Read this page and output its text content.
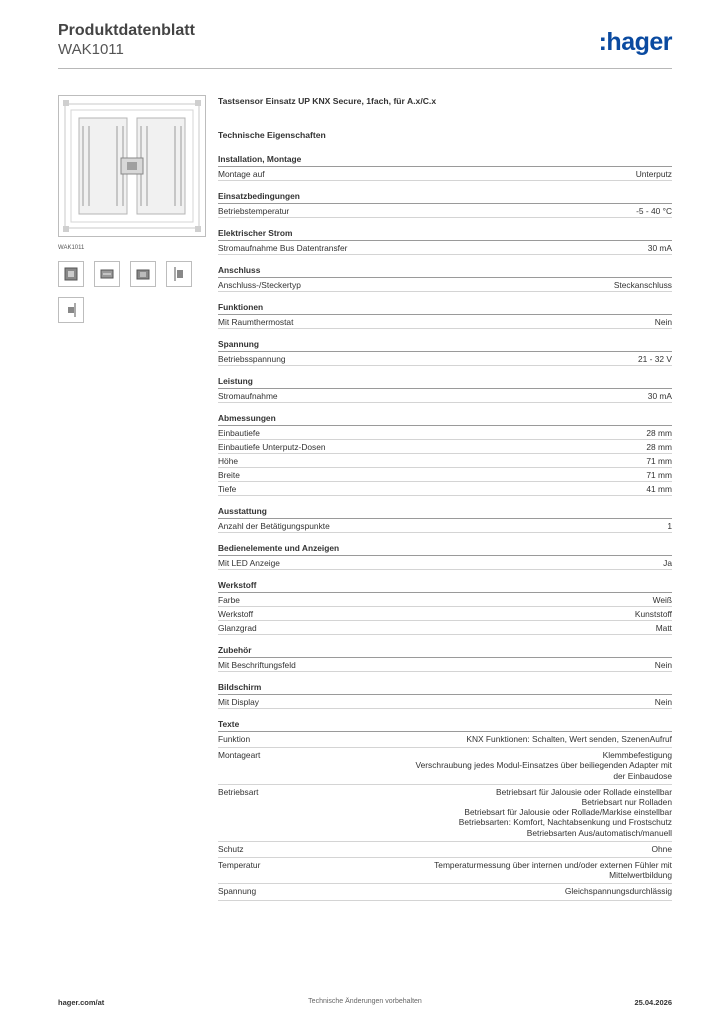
Produktdatenblatt
WAK1011	:hager
WAK1011

Tastsensor Einsatz UP KNX Secure, 1fach, für A.x/C.x
Technische Eigenschaften
Installation, Montage
Montage auf	Unterputz
Einsatzbedingungen
Betriebstemperatur	-5 - 40 °C
Elektrischer Strom
Stromaufnahme Bus Datentransfer	30 mA
Anschluss
Anschluss-/Steckertyp	Steckanschluss
Funktionen
Mit Raumthermostat	Nein
Spannung
Betriebsspannung	21 - 32 V
Leistung
Stromaufnahme	30 mA
Abmessungen
Einbautiefe	28 mm
Einbautiefe Unterputz-Dosen	28 mm
Höhe	71 mm
Breite	71 mm
Tiefe	41 mm
Ausstattung
Anzahl der Betätigungspunkte	1
Bedienelemente und Anzeigen
Mit LED Anzeige	Ja
Werkstoff
Farbe	Weiß
Werkstoff	Kunststoff
Glanzgrad	Matt
Zubehör
Mit Beschriftungsfeld	Nein
Bildschirm
Mit Display	Nein
Texte
Funktion	KNX Funktionen: Schalten, Wert senden, SzenenAufruf
Montageart	Klemmbefestigung
Verschraubung jedes Modul-Einsatzes über beiliegenden Adapter mit
der Einbaudose
Betriebsart	Betriebsart für Jalousie oder Rollade einstellbar
Betriebsart nur Rolladen
Betriebsart für Jalousie oder Rollade/Markise einstellbar
Betriebsarten: Komfort, Nachtabsenkung und Frostschutz
Betriebsarten Aus/automatisch/manuell
Schutz	Ohne
Temperatur	Temperaturmessung über internen und/oder externen Fühler mit
Mittelwertbildung
Spannung	Gleichspannungsdurchlässig
hager.com/at	Technische Änderungen vorbehalten	25.04.2026
